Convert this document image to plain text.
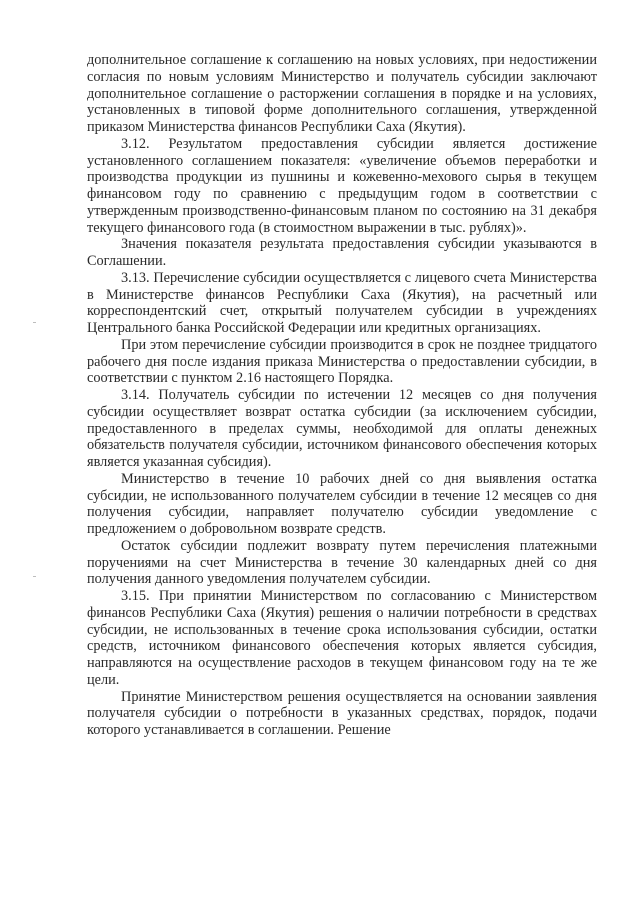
дополнительное соглашение к соглашению на новых условиях, при недостижении согласия по новым условиям Министерство и получатель субсидии заключают дополнительное соглашение о расторжении соглашения в порядке и на условиях, установленных в типовой форме дополнительного соглашения, утвержденной приказом Министерства финансов Республики Саха (Якутия).

3.12. Результатом предоставления субсидии является достижение установленного соглашением показателя: «увеличение объемов переработки и производства продукции из пушнины и кожевенно-мехового сырья в текущем финансовом году по сравнению с предыдущим годом в соответствии с утвержденным производственно-финансовым планом по состоянию на 31 декабря текущего финансового года (в стоимостном выражении в тыс. рублях)».

Значения показателя результата предоставления субсидии указываются в Соглашении.

3.13. Перечисление субсидии осуществляется с лицевого счета Министерства в Министерстве финансов Республики Саха (Якутия), на расчетный или корреспондентский счет, открытый получателем субсидии в учреждениях Центрального банка Российской Федерации или кредитных организациях.

При этом перечисление субсидии производится в срок не позднее тридцатого рабочего дня после издания приказа Министерства о предоставлении субсидии, в соответствии с пунктом 2.16 настоящего Порядка.

3.14. Получатель субсидии по истечении 12 месяцев со дня получения субсидии осуществляет возврат остатка субсидии (за исключением субсидии, предоставленного в пределах суммы, необходимой для оплаты денежных обязательств получателя субсидии, источником финансового обеспечения которых является указанная субсидия).

Министерство в течение 10 рабочих дней со дня выявления остатка субсидии, не использованного получателем субсидии в течение 12 месяцев со дня получения субсидии, направляет получателю субсидии уведомление с предложением о добровольном возврате средств.

Остаток субсидии подлежит возврату путем перечисления платежными поручениями на счет Министерства в течение 30 календарных дней со дня получения данного уведомления получателем субсидии.

3.15. При принятии Министерством по согласованию с Министерством финансов Республики Саха (Якутия) решения о наличии потребности в средствах субсидии, не использованных в течение срока использования субсидии, остатки средств, источником финансового обеспечения которых является субсидия, направляются на осуществление расходов в текущем финансовом году на те же цели.

Принятие Министерством решения осуществляется на основании заявления получателя субсидии о потребности в указанных средствах, порядок, подачи которого устанавливается в соглашении. Решение
